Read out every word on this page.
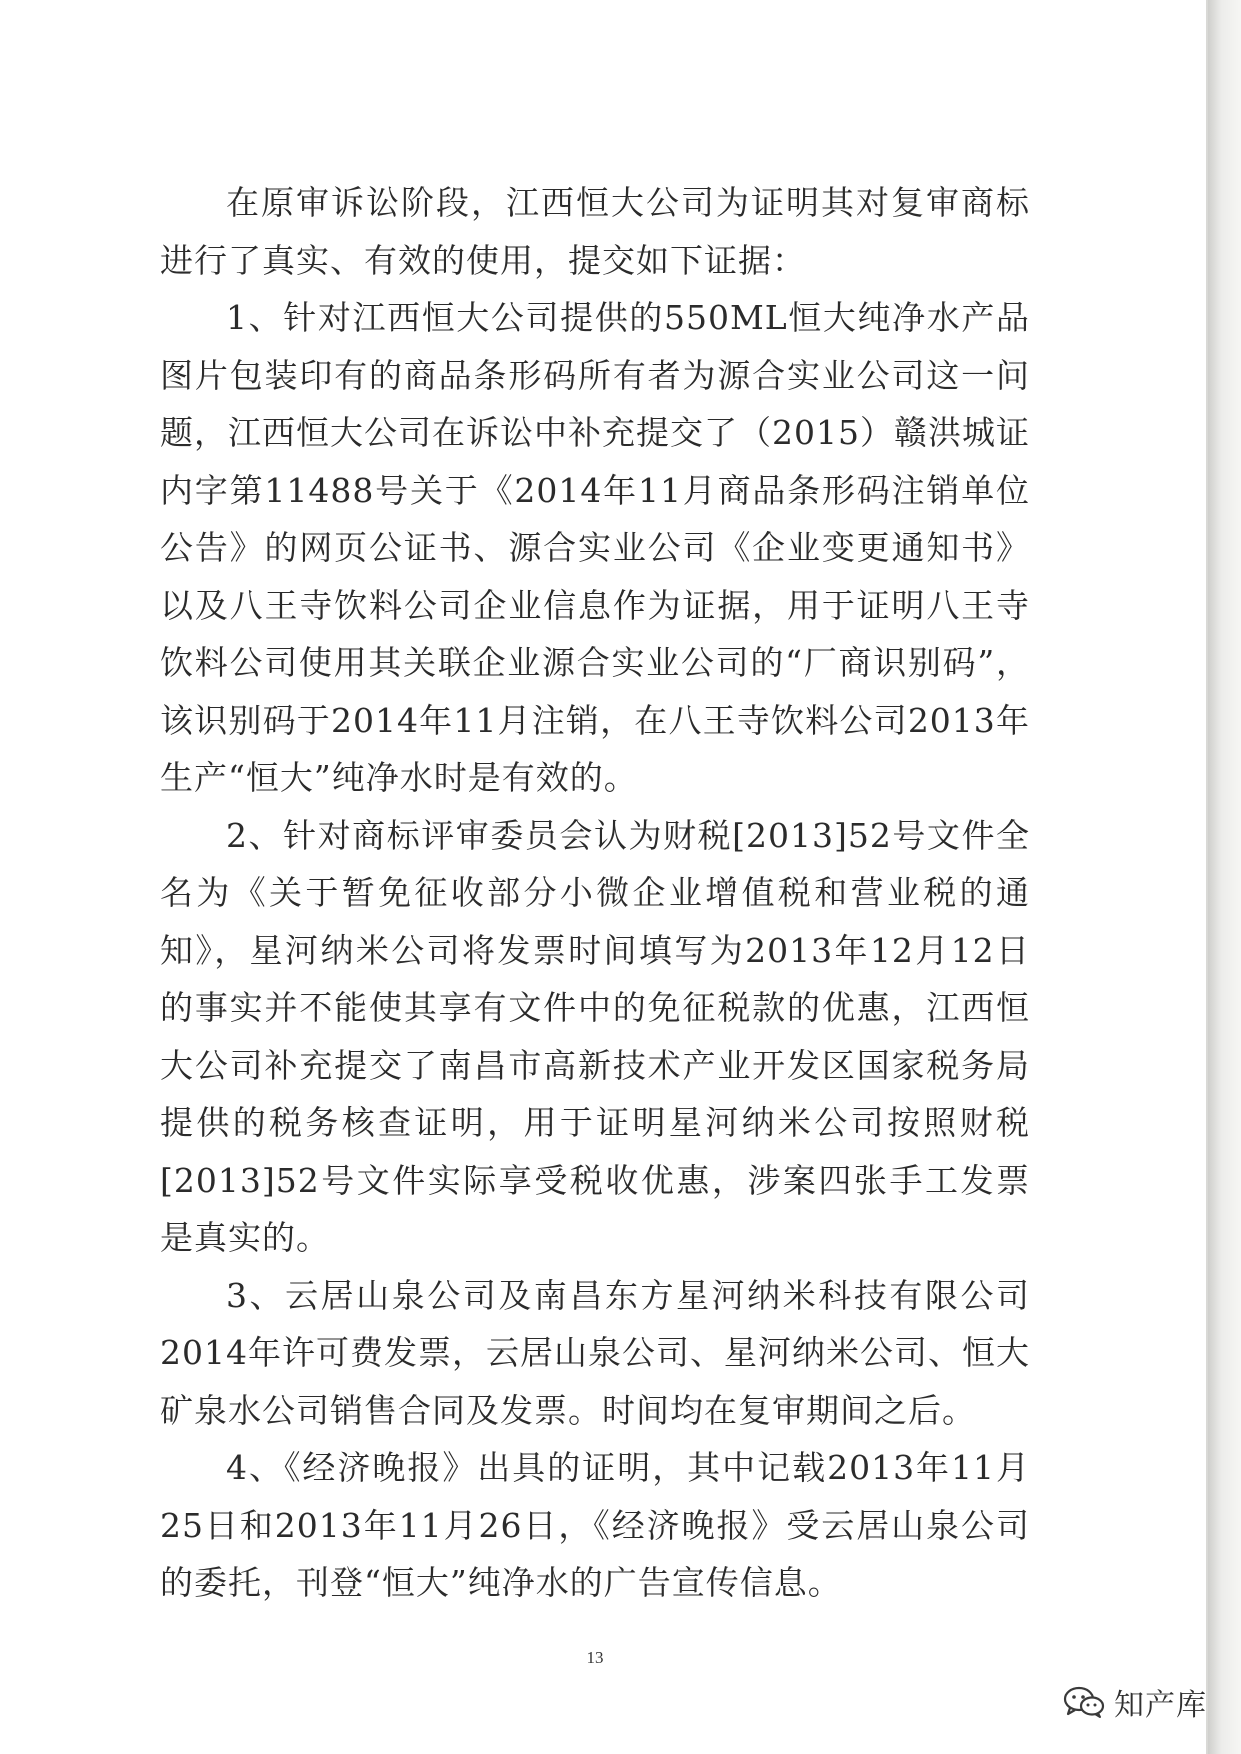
在原审诉讼阶段，江西恒大公司为证明其对复审商标进行了真实、有效的使用，提交如下证据：

1、针对江西恒大公司提供的550ML恒大纯净水产品图片包装印有的商品条形码所有者为源合实业公司这一问题，江西恒大公司在诉讼中补充提交了（2015）赣洪城证内字第11488号关于《2014年11月商品条形码注销单位公告》的网页公证书、源合实业公司《企业变更通知书》以及八王寺饮料公司企业信息作为证据，用于证明八王寺饮料公司使用其关联企业源合实业公司的“厂商识别码”，该识别码于2014年11月注销，在八王寺饮料公司2013年生产“恒大”纯净水时是有效的。

2、针对商标评审委员会认为财税[2013]52号文件全名为《关于暂免征收部分小微企业增值税和营业税的通知》，星河纳米公司将发票时间填写为2013年12月12日的事实并不能使其享有文件中的免征税款的优惠，江西恒大公司补充提交了南昌市高新技术产业开发区国家税务局提供的税务核查证明，用于证明星河纳米公司按照财税[2013]52号文件实际享受税收优惠，涉案四张手工发票是真实的。

3、云居山泉公司及南昌东方星河纳米科技有限公司2014年许可费发票，云居山泉公司、星河纳米公司、恒大矿泉水公司销售合同及发票。时间均在复审期间之后。

4、《经济晚报》出具的证明，其中记载2013年11月25日和2013年11月26日，《经济晚报》受云居山泉公司的委托，刊登“恒大”纯净水的广告宣传信息。

13
知产库
